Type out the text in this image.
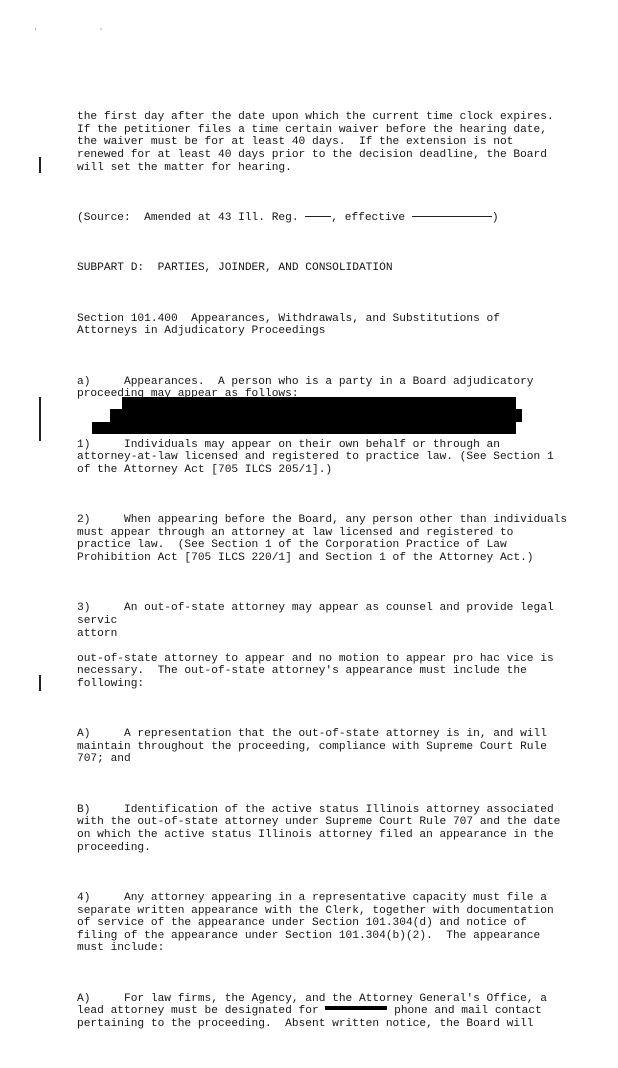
' '

the first day after the date upon which the current time clock expires.
If the petitioner files a time certain waiver before the hearing date,
the waiver must be for at least 40 days.  If the extension is not
renewed for at least 40 days prior to the decision deadline, the Board
will set the matter for hearing.

(Source:  Amended at 43 Ill. Reg. , effective	)

SUBPART D:  PARTIES, JOINDER, AND CONSOLIDATION

Section 101.400  Appearances, Withdrawals, and Substitutions of
Attorneys in Adjudicatory Proceedings

a)     Appearances.  A person who is a party in a Board adjudicatory
proceeding may appear as follows:

1)     Individuals may appear on their own behalf or through an
attorney-at-law licensed and registered to practice law. (See Section 1
of the Attorney Act [705 ILCS 205/1].)

2)     When appearing before the Board, any person other than individuals
must appear through an attorney at law licensed and registered to
practice law.  (See Section 1 of the Corporation Practice of Law
Prohibition Act [705 ILCS 220/1] and Section 1 of the Attorney Act.)

3)     An out-of-state attorney may appear as counsel and provide legal
servic
attorn

out-of-state attorney to appear and no motion to appear pro hac vice is
necessary.  The out-of-state attorney's appearance must include the
following:

A)     A representation that the out-of-state attorney is in, and will
maintain throughout the proceeding, compliance with Supreme Court Rule
707; and

B)     Identification of the active status Illinois attorney associated
with the out-of-state attorney under Supreme Court Rule 707 and the date
on which the active status Illinois attorney filed an appearance in the
proceeding.

4)     Any attorney appearing in a representative capacity must file a
separate written appearance with the Clerk, together with documentation
of service of the appearance under Section 101.304(d) and notice of
filing of the appearance under Section 101.304(b)(2).  The appearance
must include:

A)     For law firms, the Agency, and the Attorney General's Office, a
lead attorney must be designated for	phone and mail contact
pertaining to the proceeding.  Absent written notice, the Board will
